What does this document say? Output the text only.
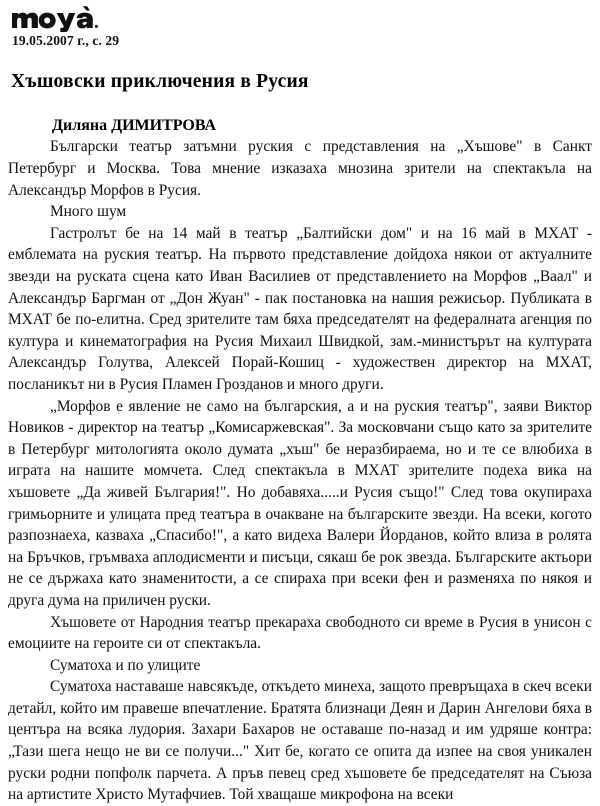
19.05.2007 г., с. 29
Хъшовски приключения в Русия
Диляна ДИМИТРОВА

Български театър затъмни руския с представления на „Хъшове" в Санкт Петербург и Москва. Това мнение изказаха мнозина зрители на спектакъла на Александър Морфов в Русия.

Много шум

Гастролът бе на 14 май в театър „Балтийски дом" и на 16 май в МХАТ - емблемата на руския театър. На първото представление дойдоха някои от актуалните звезди на руската сцена като Иван Василиев от представлението на Морфов „Ваал" и Александър Баргман от „Дон Жуан" - пак постановка на нашия режисьор. Публиката в МХАТ бе по-елитна. Сред зрителите там бяха председателят на федералната агенция по култура и кинематография на Русия Михаил Швидкой, зам.-министърът на културата Александър Голутва, Алексей Порай-Кошиц - художествен директор на МХАТ, посланикът ни в Русия Пламен Грозданов и много други.

„Морфов е явление не само на българския, а и на руския театър", заяви Виктор Новиков - директор на театър „Комисаржевская". За московчани също като за зрителите в Петербург митологията около думата „хъш" бе неразбираема, но и те се влюбиха в играта на нашите момчета. След спектакъла в МХАТ зрителите подеха вика на хъшовете „Да живей България!". Но добавяха.....и Русия също!" След това окупираха гримьорните и улицата пред театъра в очакване на българските звезди. На всеки, когото разпознаеха, казваха „Спасибо!", а като видеха Валери Йорданов, който влиза в ролята на Бръчков, гръмваха аплодисменти и писъци, сякаш бе рок звезда. Българските актьори не се държаха като знаменитости, а се спираха при всеки фен и разменяха по някоя и друга дума на приличен руски.

Хъшовете от Народния театър прекараха свободното си време в Русия в унисон с емоциите на героите си от спектакъла.

Суматоха и по улиците

Суматоха наставаше навсякъде, откъдето минеха, защото превръщаха в скеч всеки детайл, който им правеше впечатление. Братята близнаци Деян и Дарин Ангелови бяха в центъра на всяка лудория. Захари Бахаров не оставаше по-назад и им удряше контра: „Тази шега нещо не ви се получи..." Хит бе, когато се опита да изпее на своя уникален руски родни попфолк парчета. А пръв певец сред хъшовете бе председателят на Съюза на артистите Христо Мутафчиев. Той хващаше микрофона на всеки
